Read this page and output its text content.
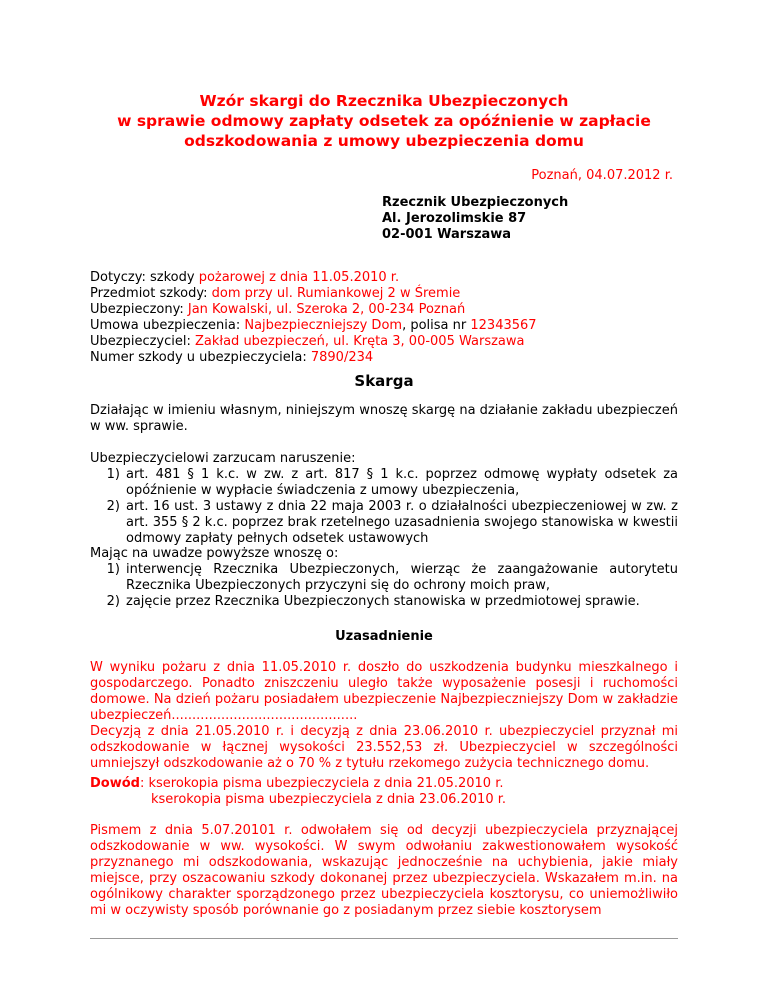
Wzór skargi do Rzecznika Ubezpieczonych
w sprawie odmowy zapłaty odsetek za opóźnienie w zapłacie
odszkodowania z umowy ubezpieczenia domu
Poznań, 04.07.2012 r.
Rzecznik Ubezpieczonych
Al. Jerozolimskie 87
02-001 Warszawa
Dotyczy: szkody pożarowej z dnia 11.05.2010 r.
Przedmiot szkody: dom przy ul. Rumiankowej 2 w Śremie
Ubezpieczony: Jan Kowalski, ul. Szeroka 2, 00-234 Poznań
Umowa ubezpieczenia: Najbezpieczniejszy Dom, polisa nr 12343567
Ubezpieczyciel: Zakład ubezpieczeń, ul. Kręta 3, 00-005 Warszawa
Numer szkody u ubezpieczyciela: 7890/234
Skarga

Działając w imieniu własnym, niniejszym wnoszę skargę na działanie zakładu ubezpieczeń w ww. sprawie.

Ubezpieczycielowi zarzucam naruszenie:

1) art. 481 § 1 k.c. w zw. z art. 817 § 1 k.c. poprzez odmowę wypłaty odsetek za opóźnienie w wypłacie świadczenia z umowy ubezpieczenia,
2) art. 16 ust. 3 ustawy z dnia 22 maja 2003 r. o działalności ubezpieczeniowej w zw. z art. 355 § 2 k.c. poprzez brak rzetelnego uzasadnienia swojego stanowiska w kwestii odmowy zapłaty pełnych odsetek ustawowych

Mając na uwadze powyższe wnoszę o:

1) interwencję Rzecznika Ubezpieczonych, wierząc że zaangażowanie autorytetu Rzecznika Ubezpieczonych przyczyni się do ochrony moich praw,
2) zajęcie przez Rzecznika Ubezpieczonych stanowiska w przedmiotowej sprawie.
Uzasadnienie

W wyniku pożaru z dnia 11.05.2010 r. doszło do uszkodzenia budynku mieszkalnego i gospodarczego. Ponadto zniszczeniu uległo także wyposażenie posesji i ruchomości domowe. Na dzień pożaru posiadałem ubezpieczenie Najbezpieczniejszy Dom w zakładzie ubezpieczeń.............................................

Decyzją z dnia 21.05.2010 r. i decyzją z dnia 23.06.2010 r. ubezpieczyciel przyznał mi odszkodowanie w łącznej wysokości 23.552,53 zł. Ubezpieczyciel w szczególności umniejszył odszkodowanie aż o 70 % z tytułu rzekomego zużycia technicznego domu.

Dowód: kserokopia pisma ubezpieczyciela z dnia 21.05.2010 r.
kserokopia pisma ubezpieczyciela z dnia 23.06.2010 r.

Pismem z dnia 5.07.20101 r. odwołałem się od decyzji ubezpieczyciela przyznającej odszkodowanie w ww. wysokości. W swym odwołaniu zakwestionowałem wysokość przyznanego mi odszkodowania, wskazując jednocześnie na uchybienia, jakie miały miejsce, przy oszacowaniu szkody dokonanej przez ubezpieczyciela. Wskazałem m.in. na ogólnikowy charakter sporządzonego przez ubezpieczyciela kosztorysu, co uniemożliwiło mi w oczywisty sposób porównanie go z posiadanym przez siebie kosztorysem
